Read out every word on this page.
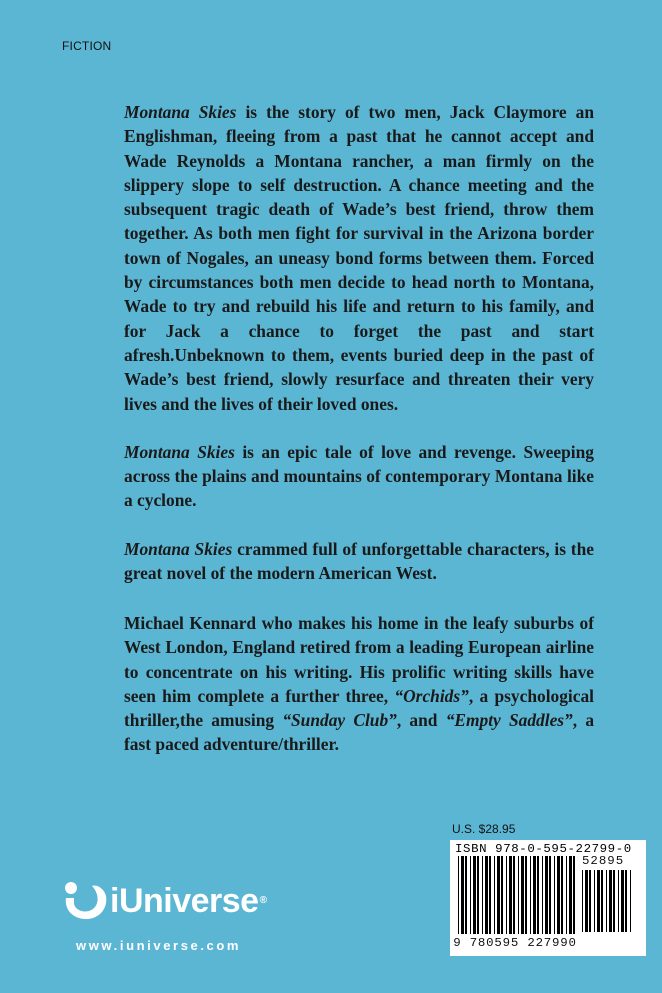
FICTION

Montana Skies is the story of two men, Jack Claymore an Englishman, fleeing from a past that he cannot accept and Wade Reynolds a Montana rancher, a man firmly on the slippery slope to self destruction. A chance meeting and the subsequent tragic death of Wade’s best friend, throw them together. As both men fight for survival in the Arizona border town of Nogales, an uneasy bond forms between them. Forced by circumstances both men decide to head north to Montana, Wade to try and rebuild his life and return to his family, and for Jack a chance to forget the past and start afresh.Unbeknown to them, events buried deep in the past of Wade’s best friend, slowly resurface and threaten their very lives and the lives of their loved ones.

Montana Skies is an epic tale of love and revenge. Sweeping across the plains and mountains of contemporary Montana like a cyclone.

Montana Skies crammed full of unforgettable characters, is the great novel of the modern American West.

Michael Kennard who makes his home in the leafy suburbs of West London, England retired from a leading European airline to concentrate on his writing. His prolific writing skills have seen him complete a further three, “Orchids”, a psychological thriller,the amusing “Sunday Club”, and “Empty Saddles”, a fast paced adventure/thriller.

U.S. $28.95
ISBN 978-0-595-22799-0
52895
9 780595 227990
iUniverse®
www.iuniverse.com
